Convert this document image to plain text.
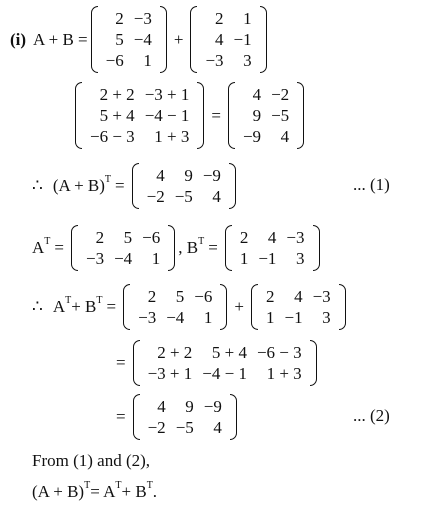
(i) A + B =
2	−3
5	−4
−6	1
+
2	1
4	−1
−3	3
2 + 2	−3 + 1
5 + 4	−4 − 1
−6 − 3	1 + 3
=
4	−2
9	−5
−9	4
∴ (A + B) T =
4	9	−9
−2	−5	4
... (1)
A T =
2	5	−6
−3	−4	1
, B T =
2	4	−3
1	−1	3
∴ A T + B T =
2	5	−6
−3	−4	1
+
2	4	−3
1	−1	3
=
2 + 2	5 + 4	−6 − 3
−3 + 1	−4 − 1	1 + 3
=
4	9	−9
−2	−5	4
... (2)
From (1) and (2),
(A + B) T = A T + B T .
